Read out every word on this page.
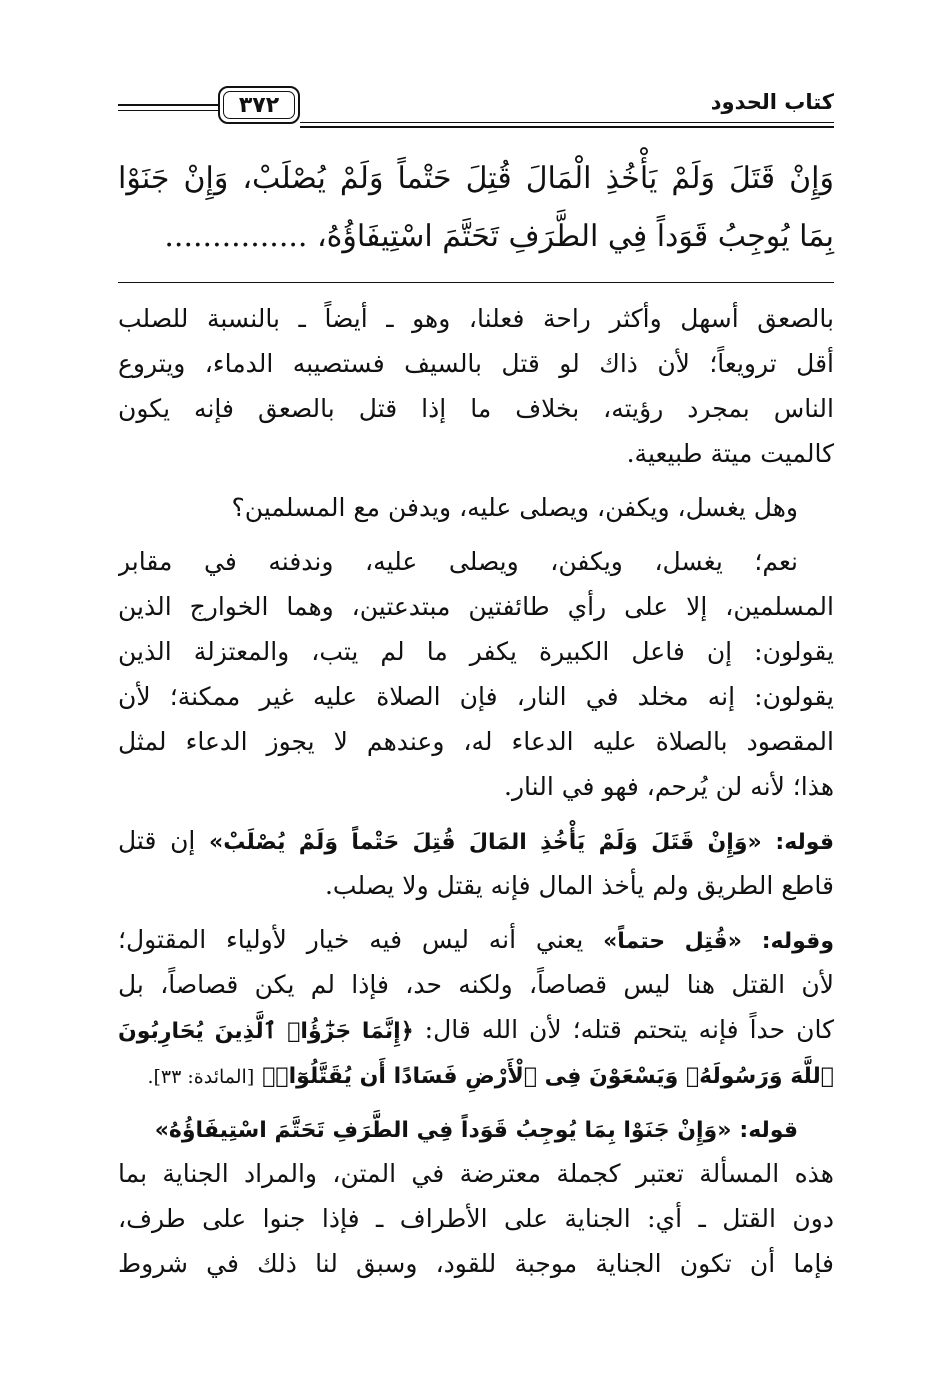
كتاب الحدود
٣٧٢
وَإِنْ قَتَلَ وَلَمْ يَأْخُذِ الْمَالَ قُتِلَ حَتْماً وَلَمْ يُصْلَبْ، وَإِنْ جَنَوْا
بِمَا يُوجِبُ قَوَداً فِي الطَّرَفِ تَحَتَّمَ اسْتِيفَاؤُهُ، ...............
بالصعق أسهل وأكثر راحة فعلنا، وهو ـ أيضاً ـ بالنسبة للصلب
أقل ترويعاً؛ لأن ذاك لو قتل بالسيف فستصيبه الدماء، ويتروع
الناس بمجرد رؤيته، بخلاف ما إذا قتل بالصعق فإنه يكون
كالميت ميتة طبيعية.
وهل يغسل، ويكفن، ويصلى عليه، ويدفن مع المسلمين؟
نعم؛ يغسل، ويكفن، ويصلى عليه، وندفنه في مقابر
المسلمين، إلا على رأي طائفتين مبتدعتين، وهما الخوارج الذين
يقولون: إن فاعل الكبيرة يكفر ما لم يتب، والمعتزلة الذين
يقولون: إنه مخلد في النار، فإن الصلاة عليه غير ممكنة؛ لأن
المقصود بالصلاة عليه الدعاء له، وعندهم لا يجوز الدعاء لمثل
هذا؛ لأنه لن يُرحم، فهو في النار.
قوله: «وَإِنْ قَتَلَ وَلَمْ يَأْخُذِ المَالَ قُتِلَ حَتْماً وَلَمْ يُصْلَبْ» إن قتل
قاطع الطريق ولم يأخذ المال فإنه يقتل ولا يصلب.
وقوله: «قُتِل حتماً» يعني أنه ليس فيه خيار لأولياء المقتول؛
لأن القتل هنا ليس قصاصاً، ولكنه حد، فإذا لم يكن قصاصاً، بل
كان حداً فإنه يتحتم قتله؛ لأن الله قال: ﴿إِنَّمَا جَزَٰٓؤُا۟ ٱلَّذِينَ يُحَارِبُونَ
ٱللَّهَ وَرَسُولَهُۥ وَيَسْعَوْنَ فِى ٱلْأَرْضِ فَسَادًا أَن يُقَتَّلُوٓا۟﴾ [المائدة: ٣٣].
قوله: «وَإِنْ جَنَوْا بِمَا يُوجِبُ قَوَداً فِي الطَّرَفِ تَحَتَّمَ اسْتِيفَاؤُهُ»
هذه المسألة تعتبر كجملة معترضة في المتن، والمراد الجناية بما
دون القتل ـ أي: الجناية على الأطراف ـ فإذا جنوا على طرف،
فإما أن تكون الجناية موجبة للقود، وسبق لنا ذلك في شروط
